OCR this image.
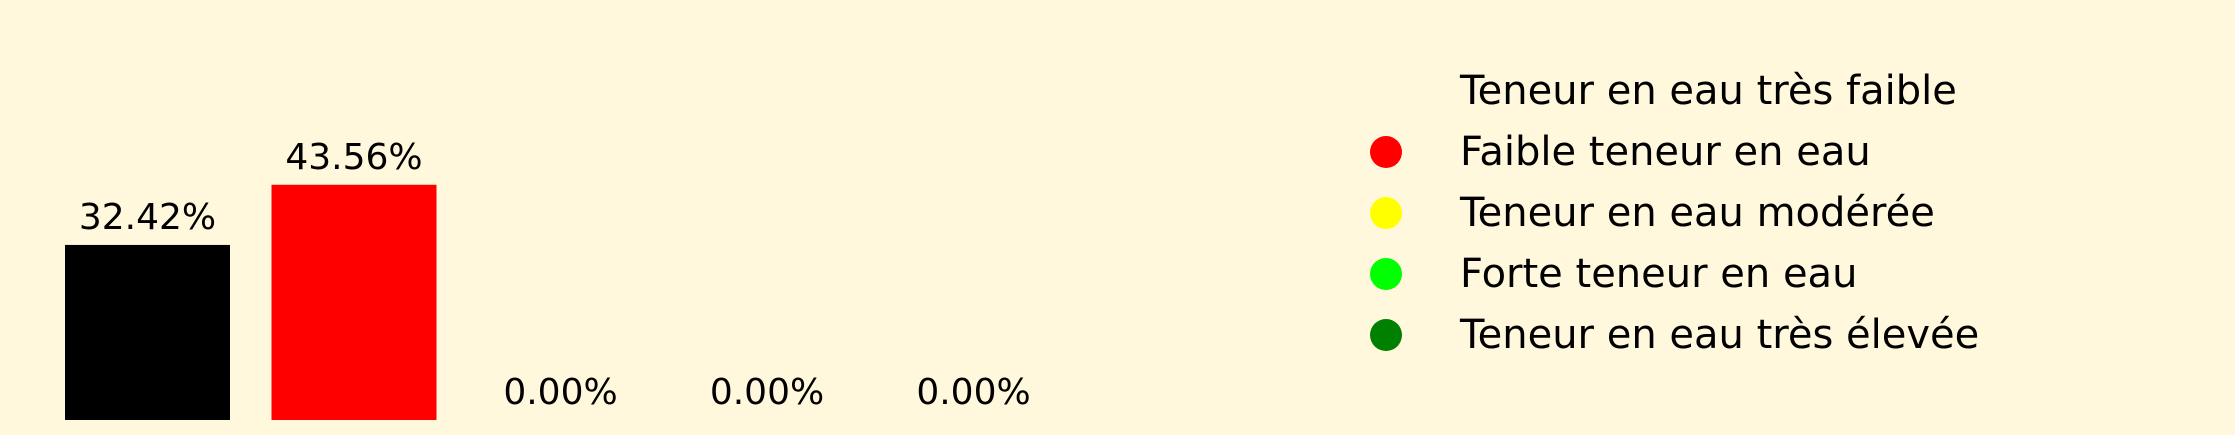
32.42%
43.56%
0.00%	0.00%	0.00%
Teneur en eau très faible
Faible teneur en eau
Teneur en eau modérée
Forte teneur en eau
Teneur en eau très élevée
